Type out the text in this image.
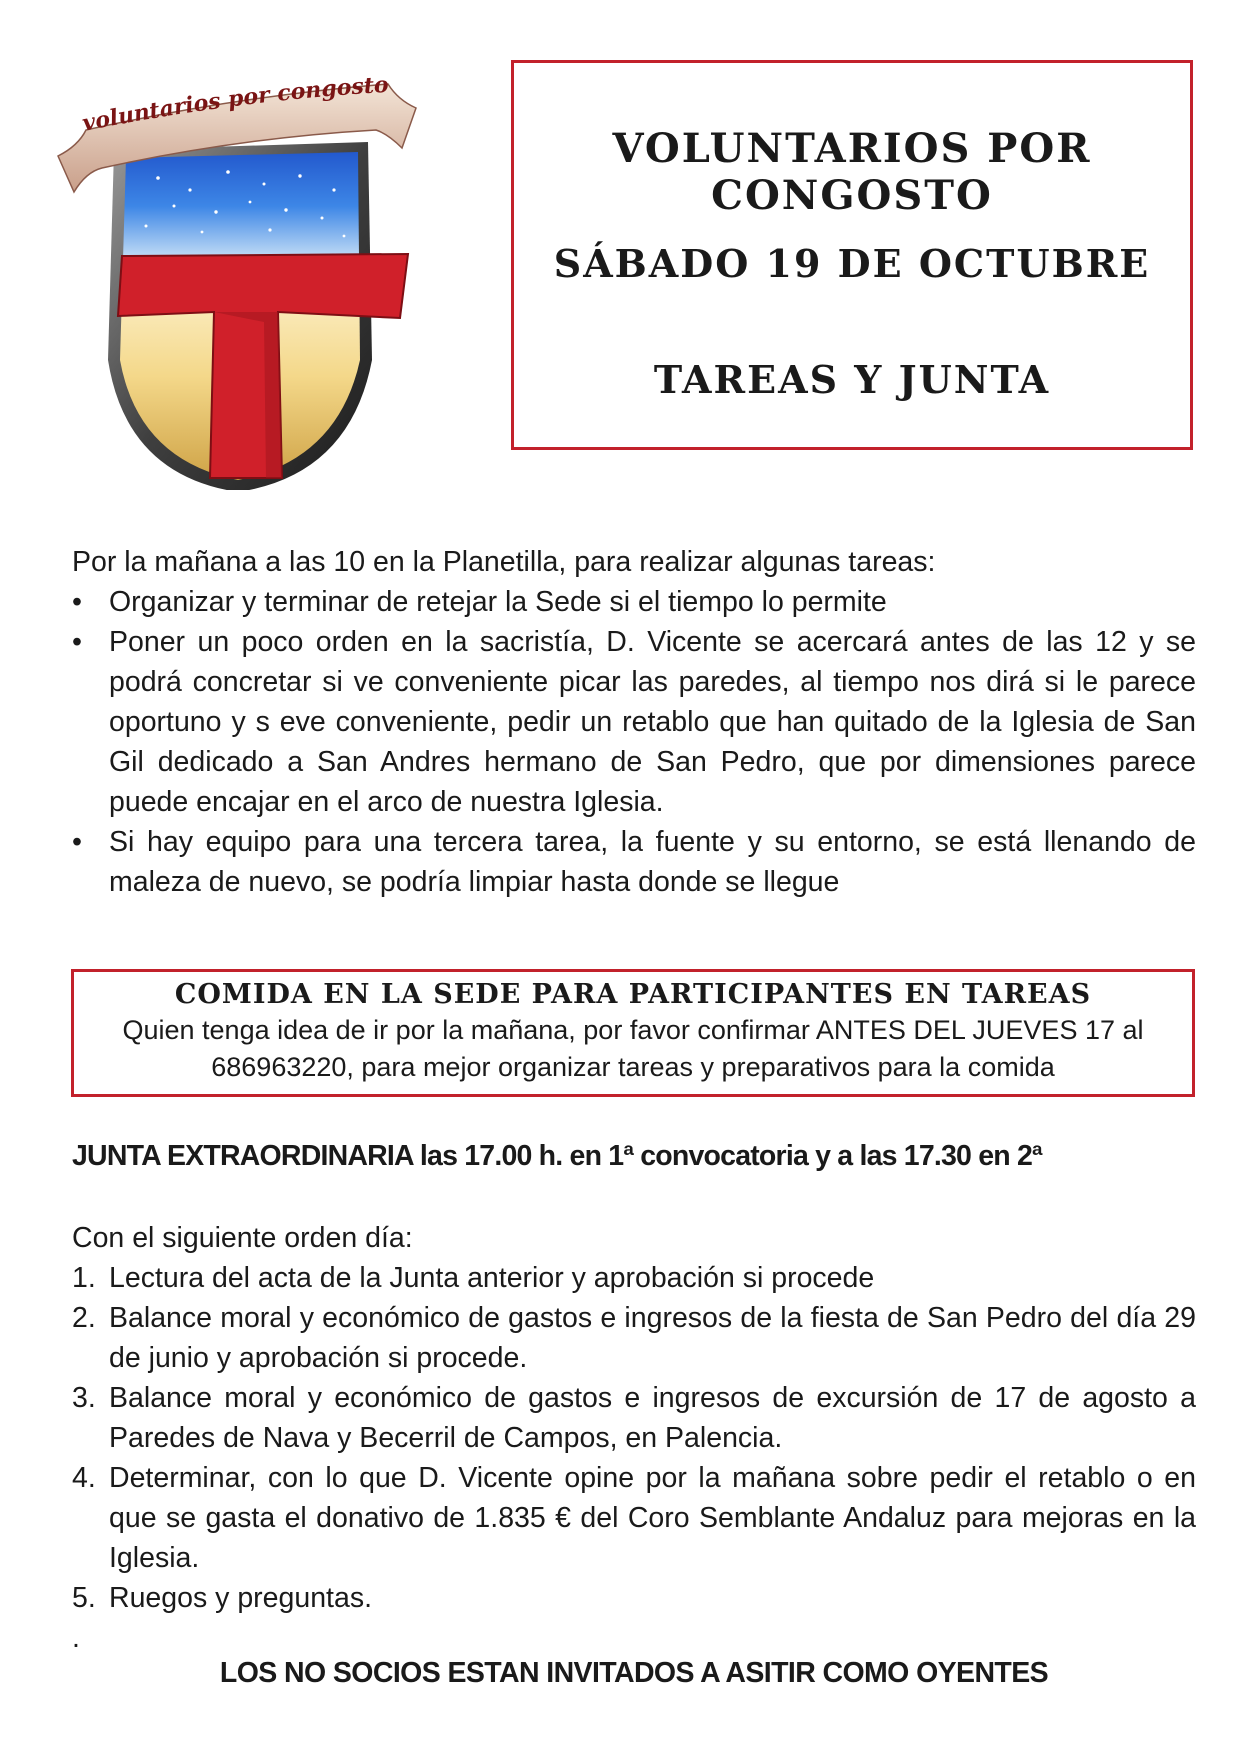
voluntarios por congosto
VOLUNTARIOS POR CONGOSTO
SÁBADO 19 DE OCTUBRE
TAREAS Y JUNTA

Por la mañana a las 10 en la Planetilla, para realizar algunas tareas:

• Organizar y terminar de retejar la Sede si el tiempo lo permite
• Poner un poco orden en la sacristía, D. Vicente se acercará antes de las 12 y se podrá concretar si ve conveniente picar las paredes, al tiempo nos dirá si le parece oportuno y s eve conveniente, pedir un retablo que han quitado de la Iglesia de San Gil dedicado a San Andres hermano de San Pedro, que por dimensiones parece puede encajar en el arco de nuestra Iglesia.
• Si hay equipo para una tercera tarea, la fuente y su entorno, se está llenando de maleza de nuevo, se podría limpiar hasta donde se llegue
COMIDA EN LA SEDE PARA PARTICIPANTES EN TAREAS
Quien tenga idea de ir por la mañana, por favor confirmar ANTES DEL JUEVES 17 al 686963220, para mejor organizar tareas y preparativos para la comida
JUNTA EXTRAORDINARIA las 17.00 h. en 1ª convocatoria y a las 17.30 en 2ª

Con el siguiente orden día:

1. Lectura del acta de la Junta anterior y aprobación si procede
2. Balance moral y económico de gastos e ingresos de la fiesta de San Pedro del día 29 de junio y aprobación si procede.
3. Balance moral y económico de gastos e ingresos de excursión de 17 de agosto a Paredes de Nava y Becerril de Campos, en Palencia.
4. Determinar, con lo que D. Vicente opine por la mañana sobre pedir el retablo o en que se gasta el donativo de 1.835 € del Coro Semblante Andaluz para mejoras en la Iglesia.
5. Ruegos y preguntas.

.

LOS NO SOCIOS ESTAN INVITADOS A ASITIR COMO OYENTES
